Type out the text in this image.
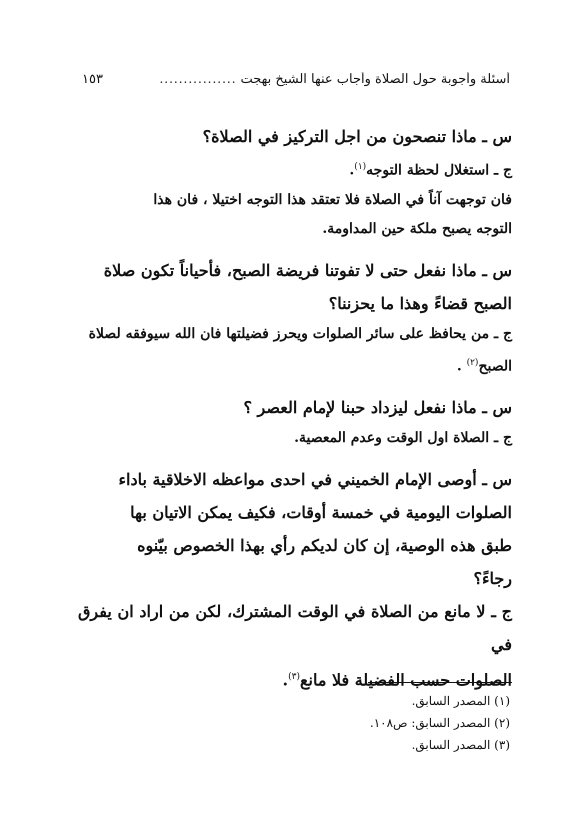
أسئلة وأجوبة حول الصلاة وأجاب عنها الشيخ بهجت
................
١٥٣
س ـ ماذا تنصحون من اجل التركيز في الصلاة؟
ج ـ استغلال لحظة التوجه$^{(١)}$.
فان توجهت آناً في الصلاة فلا تعتقد هذا التوجه اختيلا ، فان هذا
التوجه يصبح ملكة حين المداومة.
س ـ ماذا نفعل حتى لا تفوتنا فريضة الصبح، فأحياناً تكون صلاة
الصبح قضاءً وهذا ما يحزننا؟
ج ـ من يحافظ على سائر الصلوات ويحرز فضيلتها فان الله سيوفقه لصلاة
الصبح$^{(٢)}$ .
س ـ ماذا نفعل ليزداد حبنا لإمام العصر ؟
ج ـ الصلاة اول الوقت وعدم المعصية.
س ـ أوصى الإمام الخميني في احدى مواعظه الاخلاقية باداء
الصلوات اليومية في خمسة أوقات، فكيف يمكن الاتيان بها
طبق هذه الوصية، إن كان لديكم رأي بهذا الخصوص بيّنوه
رجاءً؟
ج ـ لا مانع من الصلاة في الوقت المشترك، لكن من اراد ان يفرق في
الصلوات حسب الفضيلة فلا مانع$^{(٣)}$.
(١) المصدر السابق.
(٢) المصدر السابق: ص١٠٨.
(٣) المصدر السابق.
